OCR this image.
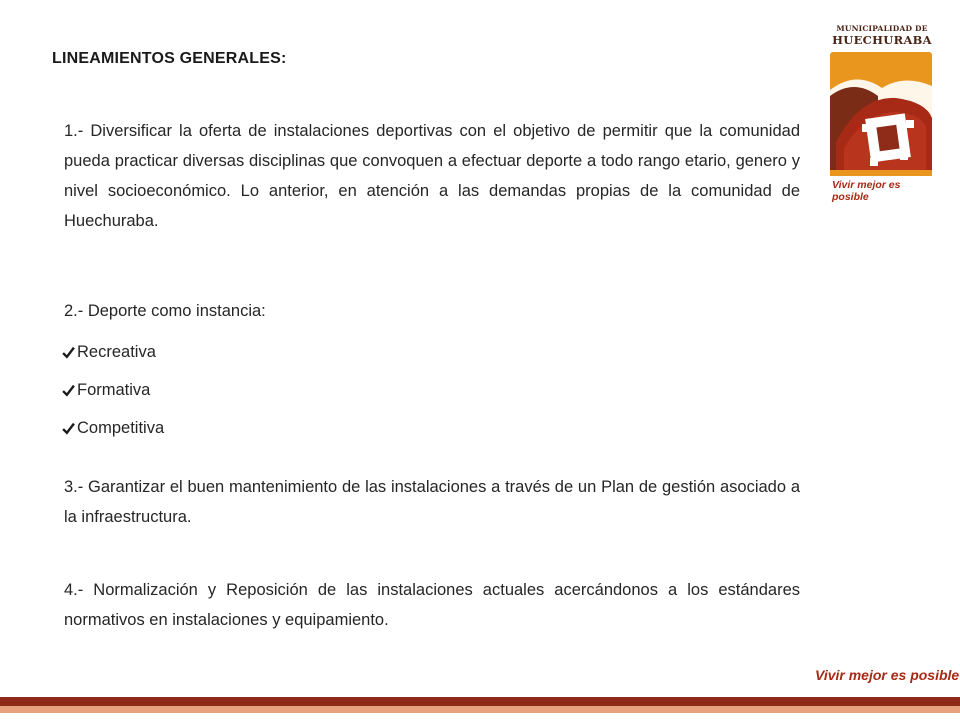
LINEAMIENTOS GENERALES:

1.- Diversificar la oferta de instalaciones deportivas con el objetivo de permitir que la comunidad pueda practicar diversas disciplinas que convoquen a efectuar deporte a todo rango etario, genero y nivel socioeconómico. Lo anterior, en atención a las demandas propias de la comunidad de Huechuraba.

2.- Deporte como instancia:
Recreativa
Formativa
Competitiva

3.- Garantizar el buen mantenimiento de las instalaciones a través de un Plan de gestión asociado a la infraestructura.

4.- Normalización y Reposición de las instalaciones actuales acercándonos a los estándares normativos en instalaciones y equipamiento.

MUNICIPALIDAD DE
HUECHURABA
Vivir mejor es posible
Vivir mejor es posible
